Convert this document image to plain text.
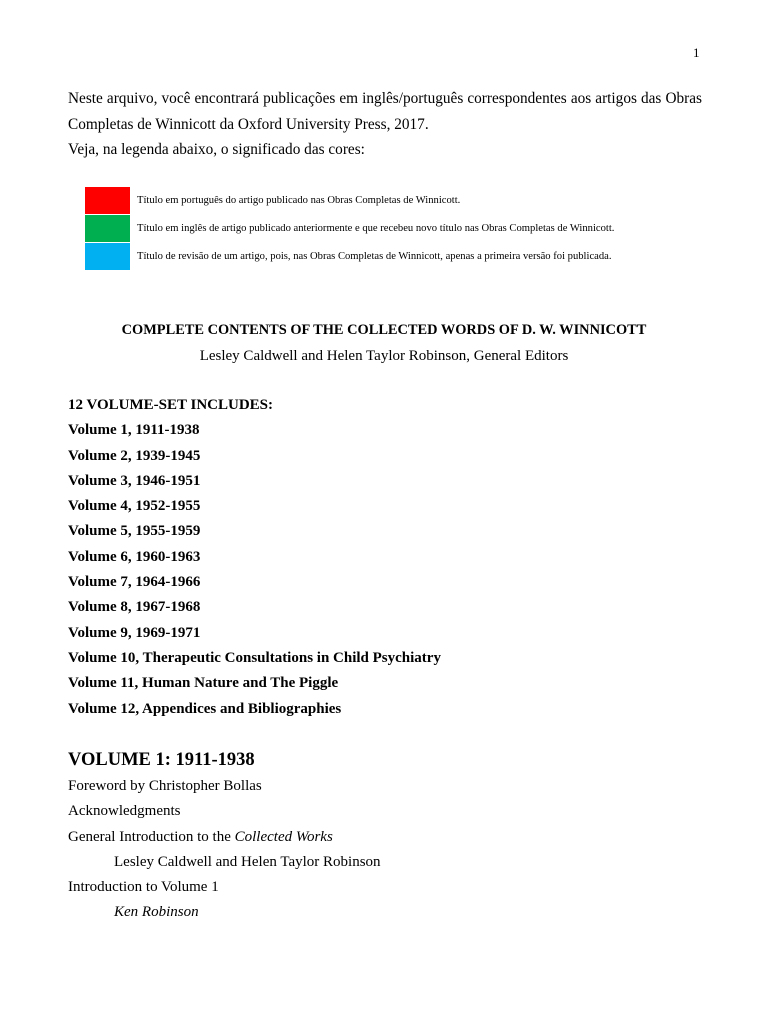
1

Neste arquivo, você encontrará publicações em inglês/português correspondentes aos artigos das Obras Completas de Winnicott da Oxford University Press, 2017.

Veja, na legenda abaixo, o significado das cores:

Título em português do artigo publicado nas Obras Completas de Winnicott.
Título em inglês de artigo publicado anteriormente e que recebeu novo título nas Obras Completas de Winnicott.
Título de revisão de um artigo, pois, nas Obras Completas de Winnicott, apenas a primeira versão foi publicada.

COMPLETE CONTENTS OF THE COLLECTED WORDS OF D. W. WINNICOTT

Lesley Caldwell and Helen Taylor Robinson, General Editors

12 VOLUME-SET INCLUDES:
Volume 1, 1911-1938
Volume 2, 1939-1945
Volume 3, 1946-1951
Volume 4, 1952-1955
Volume 5, 1955-1959
Volume 6, 1960-1963
Volume 7, 1964-1966
Volume 8, 1967-1968
Volume 9, 1969-1971
Volume 10, Therapeutic Consultations in Child Psychiatry
Volume 11, Human Nature and The Piggle
Volume 12, Appendices and Bibliographies
VOLUME 1: 1911-1938
Foreword by Christopher Bollas
Acknowledgments
General Introduction to the Collected Works
Lesley Caldwell and Helen Taylor Robinson
Introduction to Volume 1
Ken Robinson
